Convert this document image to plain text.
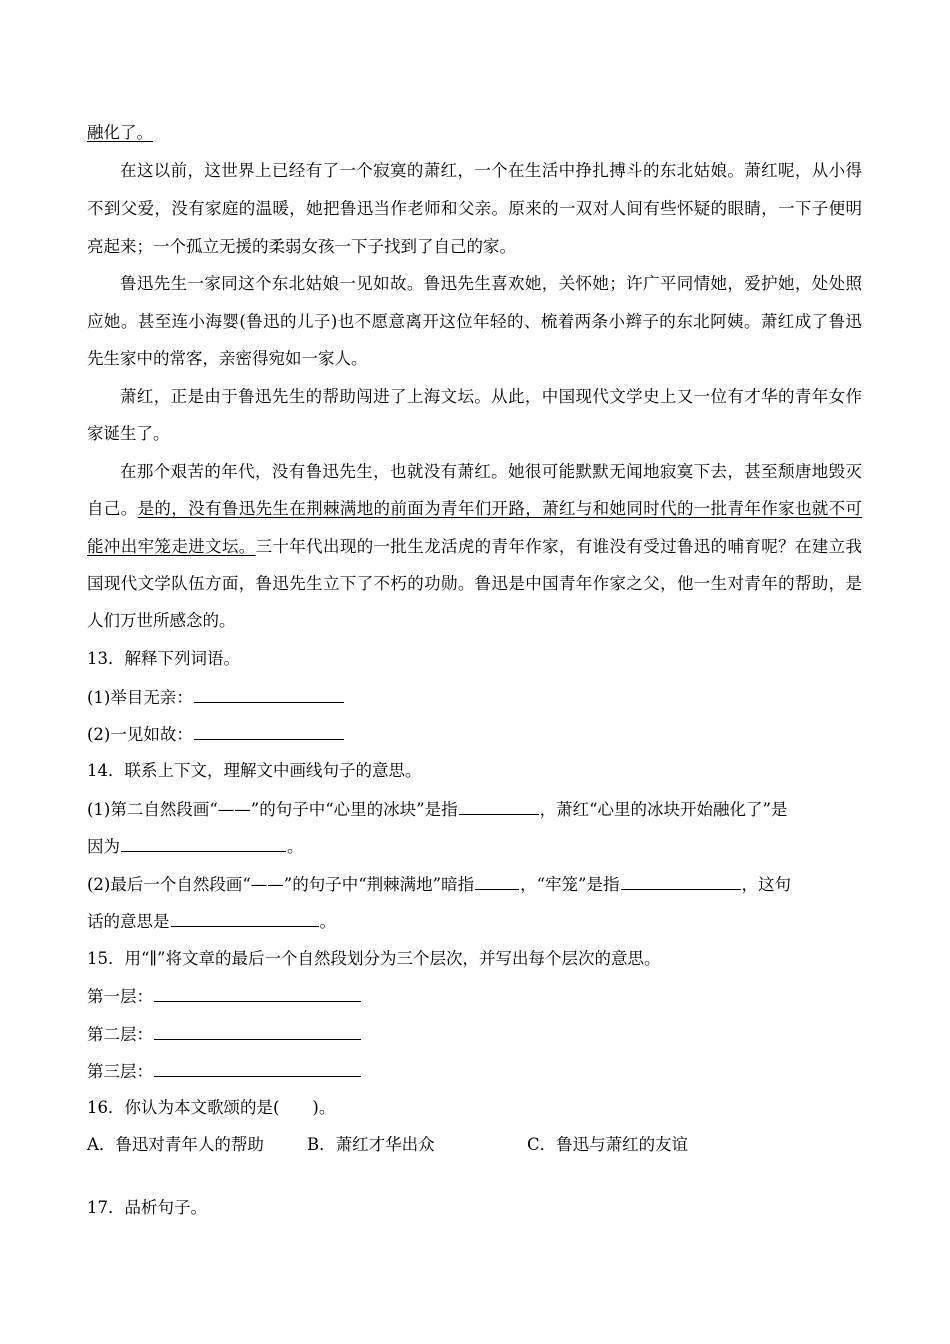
融化了。
在这以前，这世界上已经有了一个寂寞的萧红，一个在生活中挣扎搏斗的东北姑娘。萧红呢，从小得
不到父爱，没有家庭的温暖，她把鲁迅当作老师和父亲。原来的一双对人间有些怀疑的眼睛，一下子便明
亮起来；一个孤立无援的柔弱女孩一下子找到了自己的家。
鲁迅先生一家同这个东北姑娘一见如故。鲁迅先生喜欢她，关怀她；许广平同情她，爱护她，处处照
应她。甚至连小海婴(鲁迅的儿子)也不愿意离开这位年轻的、梳着两条小辫子的东北阿姨。萧红成了鲁迅
先生家中的常客，亲密得宛如一家人。
萧红，正是由于鲁迅先生的帮助闯进了上海文坛。从此，中国现代文学史上又一位有才华的青年女作
家诞生了。
在那个艰苦的年代，没有鲁迅先生，也就没有萧红。她很可能默默无闻地寂寞下去，甚至颓唐地毁灭
自己。是的，没有鲁迅先生在荆棘满地的前面为青年们开路，萧红与和她同时代的一批青年作家也就不可
能冲出牢笼走进文坛。三十年代出现的一批生龙活虎的青年作家，有谁没有受过鲁迅的哺育呢？在建立我
国现代文学队伍方面，鲁迅先生立下了不朽的功勋。鲁迅是中国青年作家之父，他一生对青年的帮助，是
人们万世所感念的。
13．解释下列词语。
(1)举目无亲：
(2)一见如故：
14．联系上下文，理解文中画线句子的意思。
(1)第二自然段画“——”的句子中“心里的冰块”是指	，萧红“心里的冰块开始融化了”是
因为	。
(2)最后一个自然段画“——”的句子中“荆棘满地”暗指	，“牢笼”是指	，这句
话的意思是	。
15．用“∥”将文章的最后一个自然段划分为三个层次，并写出每个层次的意思。
第一层：
第二层：
第三层：
16．你认为本文歌颂的是(　　)。
A．鲁迅对青年人的帮助	B．萧红才华出众	C．鲁迅与萧红的友谊
17．品析句子。
